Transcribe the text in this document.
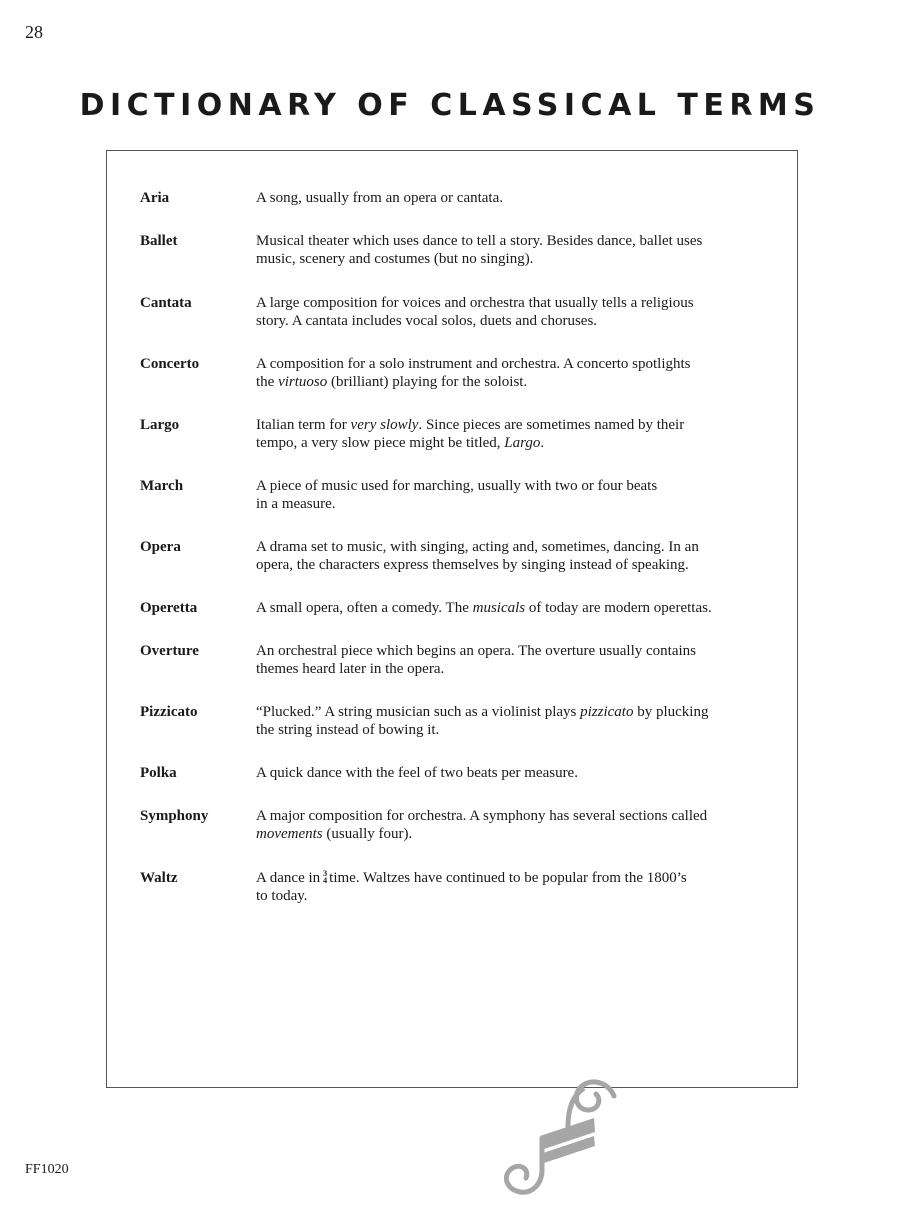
28
DICTIONARY OF CLASSICAL TERMS
Aria	A song, usually from an opera or cantata.
Ballet	Musical theater which uses dance to tell a story. Besides dance, ballet uses
music, scenery and costumes (but no singing).
Cantata	A large composition for voices and orchestra that usually tells a religious
story. A cantata includes vocal solos, duets and choruses.
Concerto	A composition for a solo instrument and orchestra. A concerto spotlights
the virtuoso (brilliant) playing for the soloist.
Largo	Italian term for very slowly. Since pieces are sometimes named by their
tempo, a very slow piece might be titled, Largo.
March	A piece of music used for marching, usually with two or four beats
in a measure.
Opera	A drama set to music, with singing, acting and, sometimes, dancing. In an
opera, the characters express themselves by singing instead of speaking.
Operetta	A small opera, often a comedy. The musicals of today are modern operettas.
Overture	An orchestral piece which begins an opera. The overture usually contains
themes heard later in the opera.
Pizzicato	“Plucked.” A string musician such as a violinist plays pizzicato by plucking
the string instead of bowing it.
Polka	A quick dance with the feel of two beats per measure.
Symphony	A major composition for orchestra. A symphony has several sections called
movements (usually four).
Waltz	A dance in 3
4 time. Waltzes have continued to be popular from the 1800’s
to today.
FF1020
